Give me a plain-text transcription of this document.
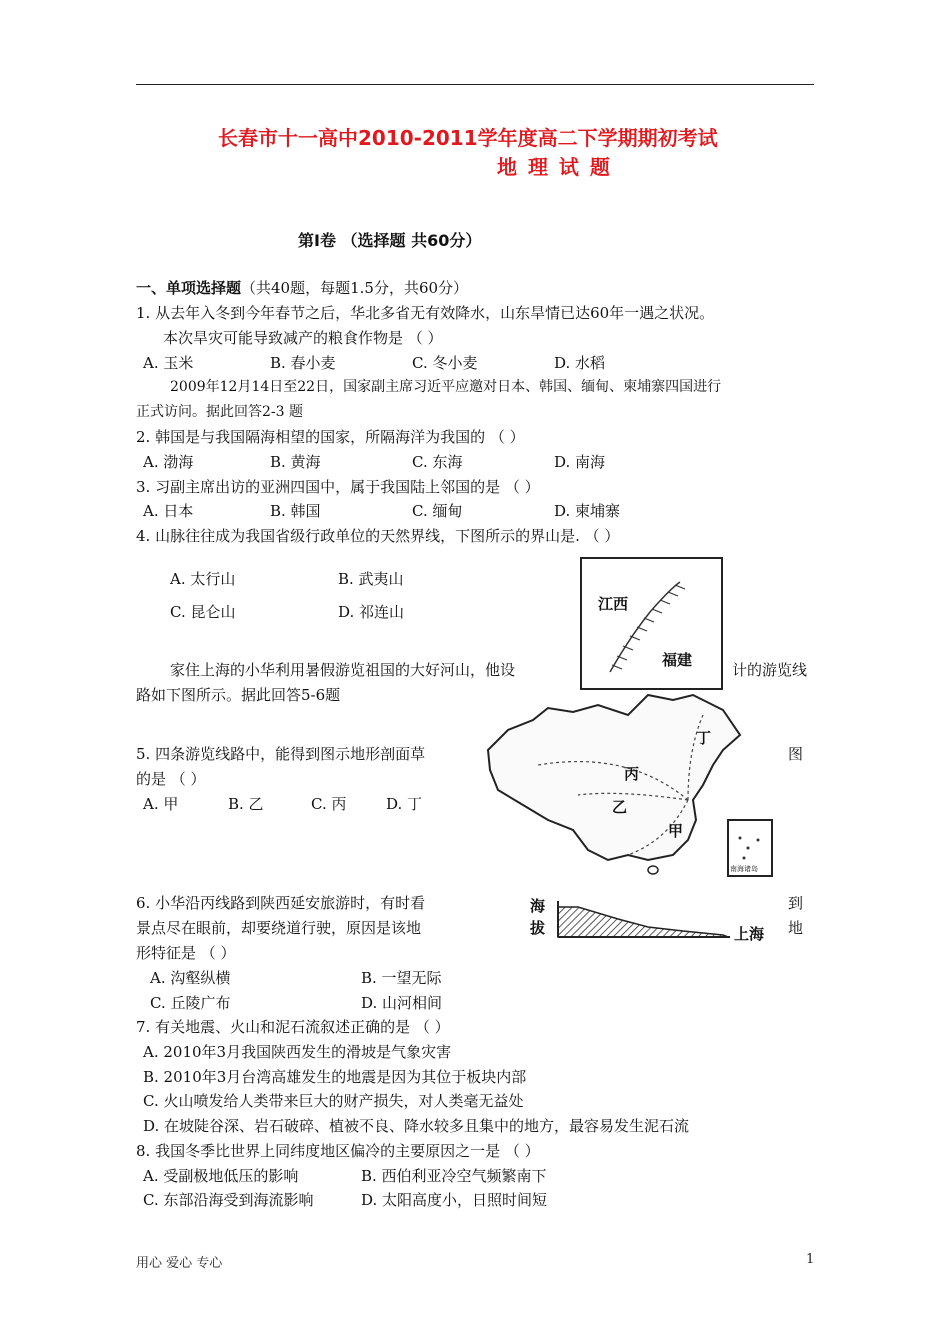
长春市十一高中2010-2011学年度高二下学期期初考试
地 理 试 题
第I卷 （选择题 共60分）
一、单项选择题（共40题，每题1.5分，共60分）
1. 从去年入冬到今年春节之后，华北多省无有效降水，山东旱情已达60年一遇之状况。
本次旱灾可能导致减产的粮食作物是 （ ）
A. 玉米	B. 春小麦	C. 冬小麦	D. 水稻
2009年12月14日至22日，国家副主席习近平应邀对日本、韩国、缅甸、柬埔寨四国进行
正式访问。据此回答2-3 题
2. 韩国是与我国隔海相望的国家，所隔海洋为我国的 （ ）
A. 渤海	B. 黄海	C. 东海	D. 南海
3. 习副主席出访的亚洲四国中，属于我国陆上邻国的是 （ ）
A. 日本	B. 韩国	C. 缅甸	D. 柬埔寨
4. 山脉往往成为我国省级行政单位的天然界线，下图所示的界山是. （ ）
A. 太行山	B. 武夷山
C. 昆仑山	D. 祁连山	江西
福建
家住上海的小华利用暑假游览祖国的大好河山，他设	计的游览线
路如下图所示。据此回答5-6题
丁
丙
乙
甲
南海诸岛
5. 四条游览线路中，能得到图示地形剖面草	图
的是 （ ）
A. 甲	B. 乙	C. 丙	D. 丁
海拔	上海
6. 小华沿丙线路到陕西延安旅游时，有时看	到
景点尽在眼前，却要绕道行驶，原因是该地	地
形特征是 （ ）
A. 沟壑纵横	B. 一望无际
C. 丘陵广布	D. 山河相间
7. 有关地震、火山和泥石流叙述正确的是 （ ）
A. 2010年3月我国陕西发生的滑坡是气象灾害
B. 2010年3月台湾高雄发生的地震是因为其位于板块内部
C. 火山喷发给人类带来巨大的财产损失，对人类毫无益处
D. 在坡陡谷深、岩石破碎、植被不良、降水较多且集中的地方，最容易发生泥石流
8. 我国冬季比世界上同纬度地区偏冷的主要原因之一是 （ ）
A. 受副极地低压的影响	B. 西伯利亚冷空气频繁南下
C. 东部沿海受到海流影响	D. 太阳高度小，日照时间短
用心 爱心 专心	1
